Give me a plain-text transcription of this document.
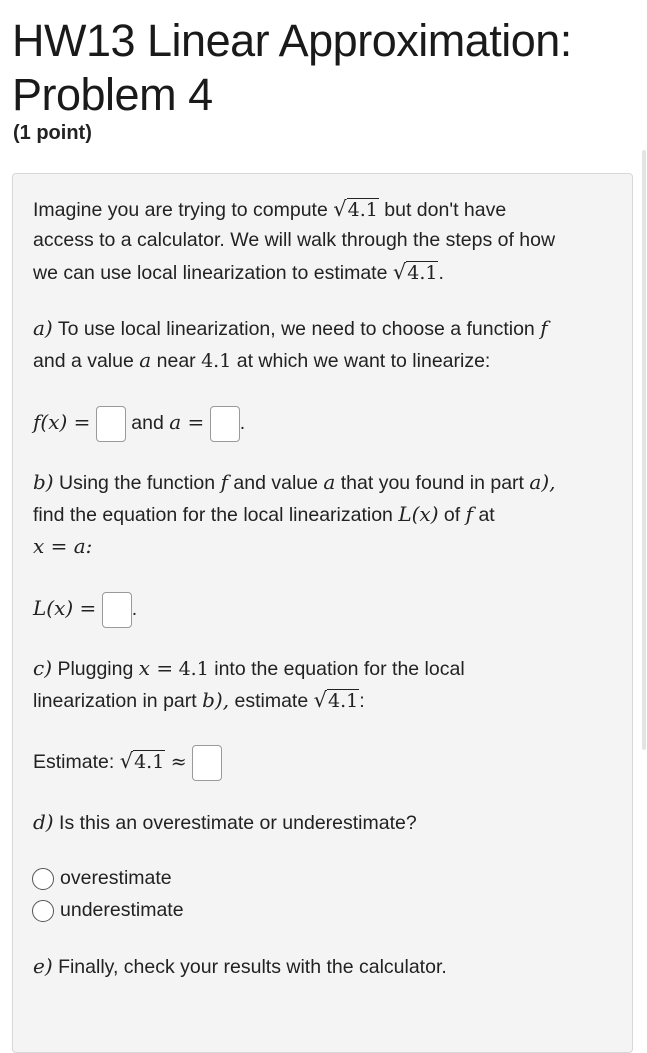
HW13 Linear Approximation:
Problem 4
(1 point)
Imagine you are trying to compute √4.1 but don't have
access to a calculator. We will walk through the steps of how
we can use local linearization to estimate √4.1.
a) To use local linearization, we need to choose a function f
and a value a near 4.1 at which we want to linearize:
f(x) = and a = .
b) Using the function f and value a that you found in part a),
find the equation for the local linearization L(x) of f at
x = a:
L(x) = .
c) Plugging x = 4.1 into the equation for the local
linearization in part b), estimate √4.1:
Estimate: √4.1 ≈
d) Is this an overestimate or underestimate?
overestimate
underestimate
e) Finally, check your results with the calculator.
